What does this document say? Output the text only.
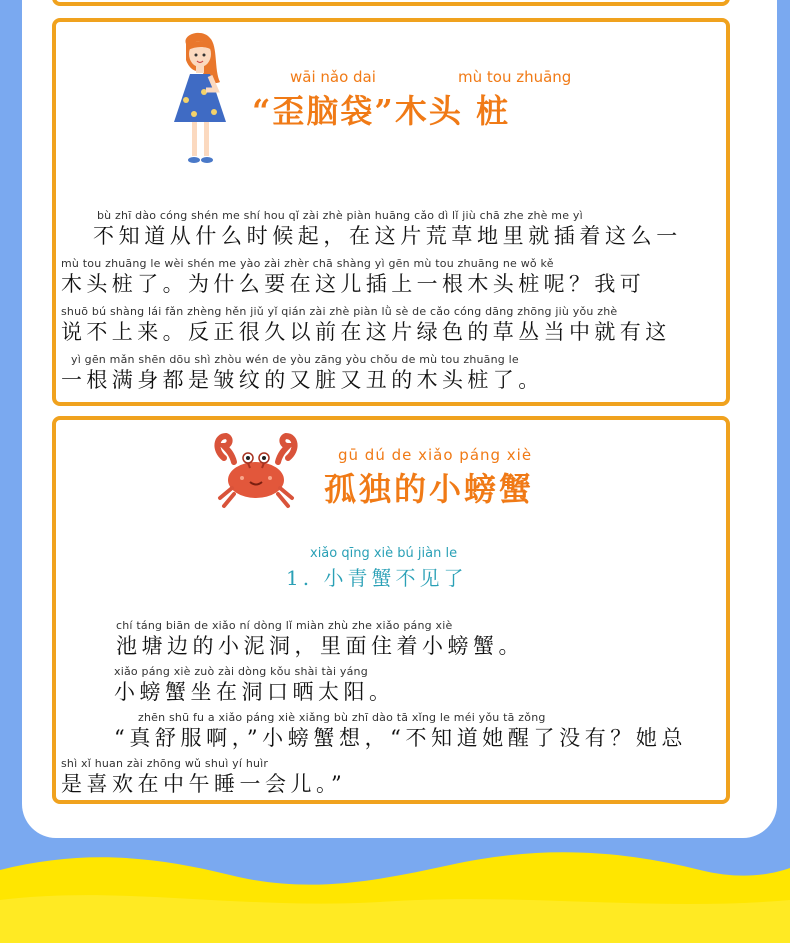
wāi nǎo dai	mù tou zhuāng
“歪脑袋”木头 桩
bù zhī dào cóng shén me shí hou qǐ zài zhè piàn huāng cǎo dì lǐ jiù chā zhe zhè me yì
不知道从什么时候起，在这片荒草地里就插着这么一
mù tou zhuāng le wèi shén me yào zài zhèr chā shàng yì gēn mù tou zhuāng ne wǒ kě
木头桩了。为什么要在这儿插上一根木头桩呢？我可
shuō bú shàng lái fǎn zhèng hěn jiǔ yǐ qián zài zhè piàn lǜ sè de cǎo cóng dāng zhōng jiù yǒu zhè
说不上来。反正很久以前在这片绿色的草丛当中就有这
yì gēn mǎn shēn dōu shì zhòu wén de yòu zāng yòu chǒu de mù tou zhuāng le
一根满身都是皱纹的又脏又丑的木头桩了。
gū dú de xiǎo páng xiè
孤独的小螃蟹
xiǎo qīng xiè bú jiàn le
1. 小青蟹不见了
chí táng biān de xiǎo ní dòng lǐ miàn zhù zhe xiǎo páng xiè
池塘边的小泥洞，里面住着小螃蟹。
xiǎo páng xiè zuò zài dòng kǒu shài tài yáng
小螃蟹坐在洞口晒太阳。
zhēn shū fu a xiǎo páng xiè xiǎng bù zhī dào tā xǐng le méi yǒu tā zǒng
“真舒服啊，”小螃蟹想，“不知道她醒了没有？她总
shì xǐ huan zài zhōng wǔ shuì yí huìr
是喜欢在中午睡一会儿。”
